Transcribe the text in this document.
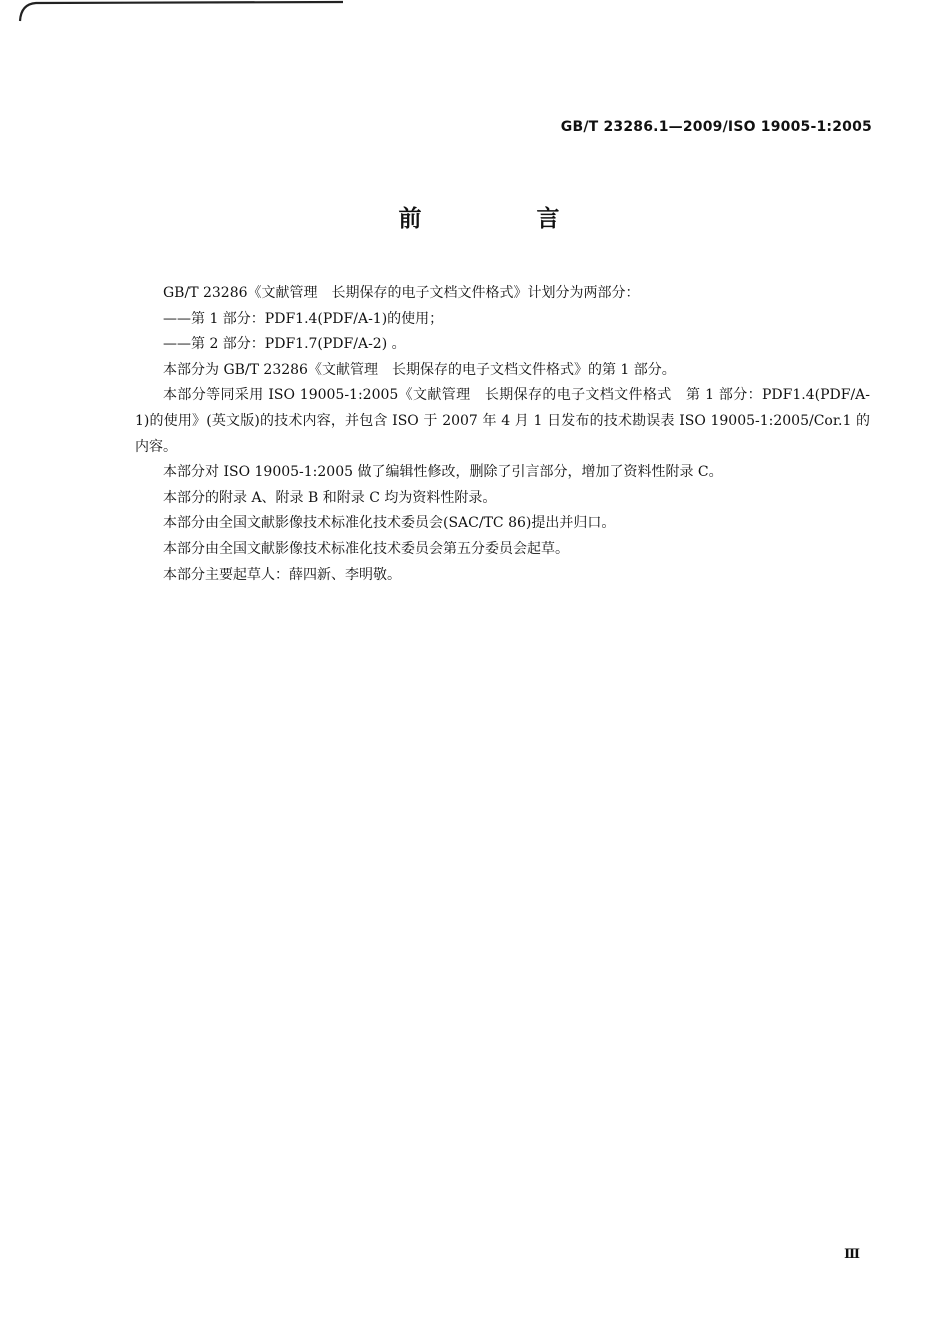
GB/T 23286.1—2009/ISO 19005-1:2005
前　言

GB/T 23286《文献管理　长期保存的电子文档文件格式》计划分为两部分：

——第 1 部分：PDF1.4(PDF/A-1)的使用；

——第 2 部分：PDF1.7(PDF/A-2) 。

本部分为 GB/T 23286《文献管理　长期保存的电子文档文件格式》的第 1 部分。

本部分等同采用 ISO 19005-1:2005《文献管理　长期保存的电子文档文件格式　第 1 部分：PDF1.4(PDF/A-1)的使用》(英文版)的技术内容，并包含 ISO 于 2007 年 4 月 1 日发布的技术勘误表 ISO 19005-1:2005/Cor.1 的内容。

本部分对 ISO 19005-1:2005 做了编辑性修改，删除了引言部分，增加了资料性附录 C。

本部分的附录 A、附录 B 和附录 C 均为资料性附录。

本部分由全国文献影像技术标准化技术委员会(SAC/TC 86)提出并归口。

本部分由全国文献影像技术标准化技术委员会第五分委员会起草。

本部分主要起草人：薛四新、李明敬。

Ⅲ
